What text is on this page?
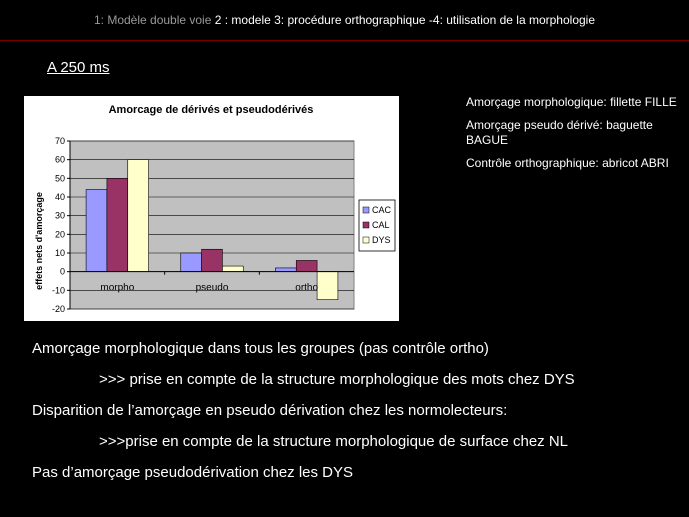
1: Modèle double voie 2 : modele 3: procédure orthographique -4: utilisation de la morphologie
A 250 ms
Amorcage de dérivés et pseudodérivés
effets nets d'amorçage
70
60
50
40
30
20
10
0
-10
-20
morpho	pseudo	ortho
CAC
CAL
DYS

Amorçage morphologique: fillette FILLE

Amorçage pseudo dérivé: baguette BAGUE

Contrôle orthographique: abricot ABRI

Amorçage morphologique dans tous les groupes (pas contrôle ortho)
>>> prise en compte de la structure morphologique des mots chez DYS
Disparition de l’amorçage en pseudo dérivation chez les normolecteurs:
>>>prise en compte de la structure morphologique de surface chez NL
Pas d’amorçage pseudodérivation chez les DYS
